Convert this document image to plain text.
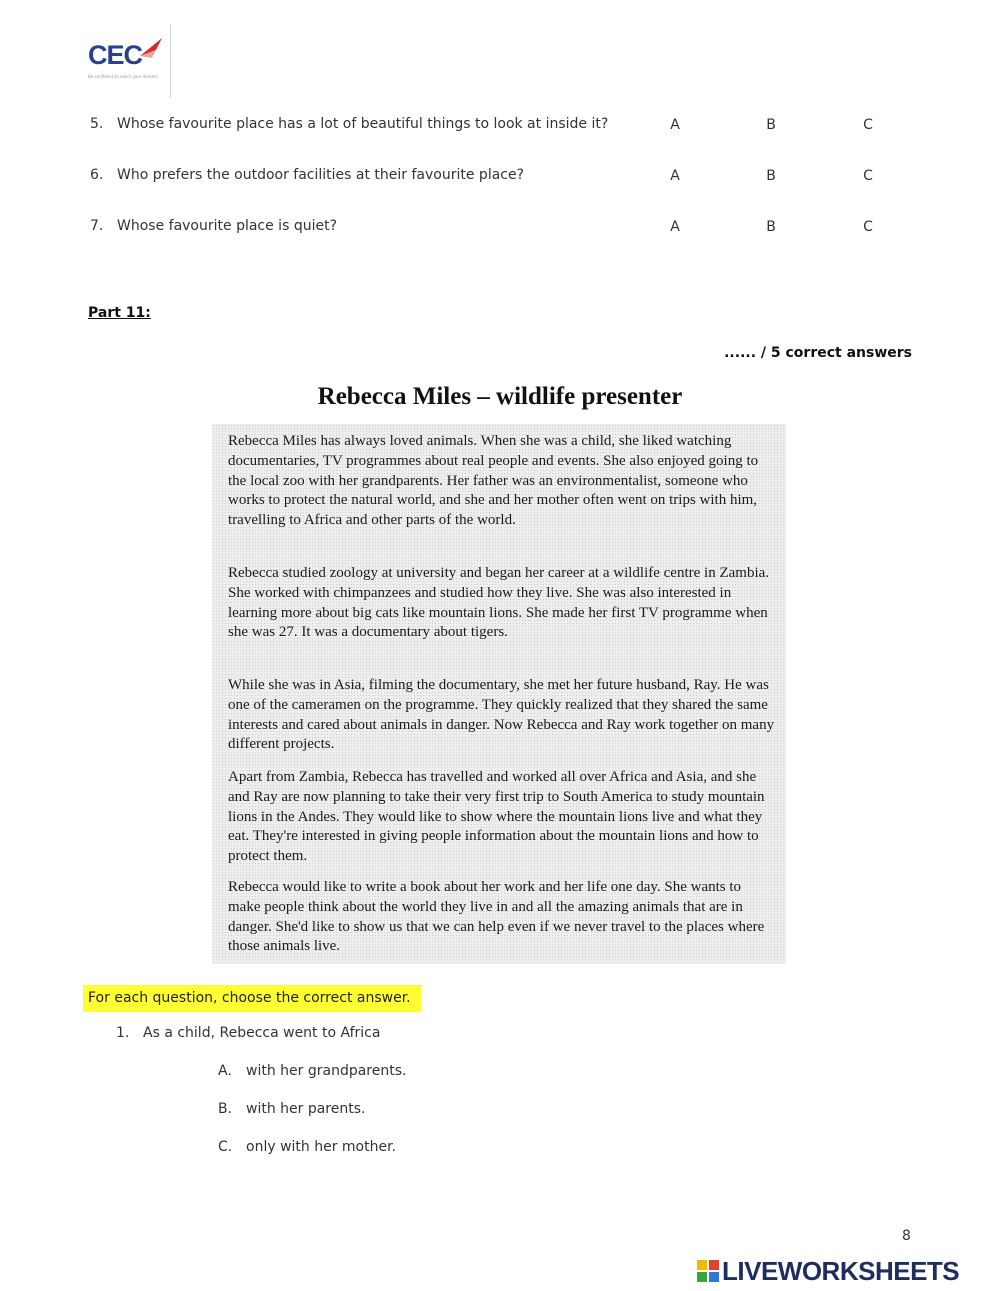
CEC
Be confident to reach your dreams
5. Whose favourite place has a lot of beautiful things to look at inside it?	A	B	C
6. Who prefers the outdoor facilities at their favourite place?	A	B	C
7. Whose favourite place is quiet?	A	B	C
Part 11:
...... / 5 correct answers
Rebecca Miles – wildlife presenter

Rebecca Miles has always loved animals. When she was a child, she liked watching documentaries, TV programmes about real people and events. She also enjoyed going to the local zoo with her grandparents. Her father was an environmentalist, someone who works to protect the natural world, and she and her mother often went on trips with him, travelling to Africa and other parts of the world.

Rebecca studied zoology at university and began her career at a wildlife centre in Zambia. She worked with chimpanzees and studied how they live. She was also interested in learning more about big cats like mountain lions. She made her first TV programme when she was 27. It was a documentary about tigers.

While she was in Asia, filming the documentary, she met her future husband, Ray. He was one of the cameramen on the programme. They quickly realized that they shared the same interests and cared about animals in danger. Now Rebecca and Ray work together on many different projects.

Apart from Zambia, Rebecca has travelled and worked all over Africa and Asia, and she and Ray are now planning to take their very first trip to South America to study mountain lions in the Andes. They would like to show where the mountain lions live and what they eat. They're interested in giving people information about the mountain lions and how to protect them.

Rebecca would like to write a book about her work and her life one day. She wants to make people think about the world they live in and all the amazing animals that are in danger. She'd like to show us that we can help even if we never travel to the places where those animals live.

For each question, choose the correct answer.
1. As a child, Rebecca went to Africa
A. with her grandparents.
B. with her parents.
C. only with her mother.
8
LIVEWORKSHEETS
